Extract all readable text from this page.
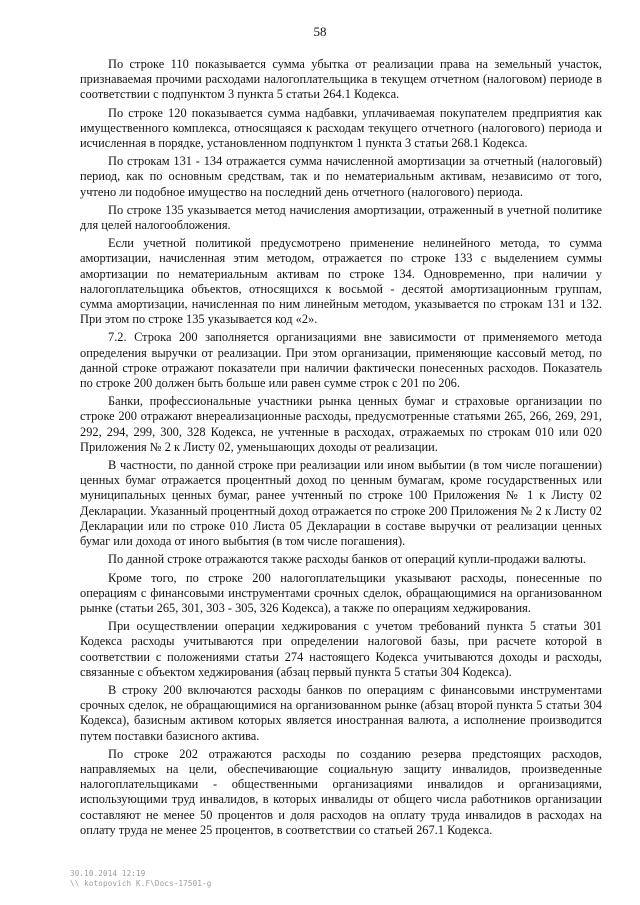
58

По строке 110 показывается сумма убытка от реализации права на земельный участок, признаваемая прочими расходами налогоплательщика в текущем отчетном (налоговом) периоде в соответствии с подпунктом 3 пункта 5 статьи 264.1 Кодекса.

По строке 120 показывается сумма надбавки, уплачиваемая покупателем предприятия как имущественного комплекса, относящаяся к расходам текущего отчетного (налогового) периода и исчисленная в порядке, установленном подпунктом 1 пункта 3 статьи 268.1 Кодекса.

По строкам 131 - 134 отражается сумма начисленной амортизации за отчетный (налоговый) период, как по основным средствам, так и по нематериальным активам, независимо от того, учтено ли подобное имущество на последний день отчетного (налогового) периода.

По строке 135 указывается метод начисления амортизации, отраженный в учетной политике для целей налогообложения.

Если учетной политикой предусмотрено применение нелинейного метода, то сумма амортизации, начисленная этим методом, отражается по строке 133 с выделением суммы амортизации по нематериальным активам по строке 134. Одновременно, при наличии у налогоплательщика объектов, относящихся к восьмой - десятой амортизационным группам, сумма амортизации, начисленная по ним линейным методом, указывается по строкам 131 и 132. При этом по строке 135 указывается код «2».

7.2. Строка 200 заполняется организациями вне зависимости от применяемого метода определения выручки от реализации. При этом организации, применяющие кассовый метод, по данной строке отражают показатели при наличии фактически понесенных расходов. Показатель по строке 200 должен быть больше или равен сумме строк с 201 по 206.

Банки, профессиональные участники рынка ценных бумаг и страховые организации по строке 200 отражают внереализационные расходы, предусмотренные статьями 265, 266, 269, 291, 292, 294, 299, 300, 328 Кодекса, не учтенные в расходах, отражаемых по строкам 010 или 020 Приложения № 2 к Листу 02, уменьшающих доходы от реализации.

В частности, по данной строке при реализации или ином выбытии (в том числе погашении) ценных бумаг отражается процентный доход по ценным бумагам, кроме государственных или муниципальных ценных бумаг, ранее учтенный по строке 100 Приложения № 1 к Листу 02 Декларации. Указанный процентный доход отражается по строке 200 Приложения № 2 к Листу 02 Декларации или по строке 010 Листа 05 Декларации в составе выручки от реализации ценных бумаг или дохода от иного выбытия (в том числе погашения).

По данной строке отражаются также расходы банков от операций купли-продажи валюты.

Кроме того, по строке 200 налогоплательщики указывают расходы, понесенные по операциям с финансовыми инструментами срочных сделок, обращающимися на организованном рынке (статьи 265, 301, 303 - 305, 326 Кодекса), а также по операциям хеджирования.

При осуществлении операции хеджирования с учетом требований пункта 5 статьи 301 Кодекса расходы учитываются при определении налоговой базы, при расчете которой в соответствии с положениями статьи 274 настоящего Кодекса учитываются доходы и расходы, связанные с объектом хеджирования (абзац первый пункта 5 статьи 304 Кодекса).

В строку 200 включаются расходы банков по операциям с финансовыми инструментами срочных сделок, не обращающимися на организованном рынке (абзац второй пункта 5 статьи 304 Кодекса), базисным активом которых является иностранная валюта, а исполнение производится путем поставки базисного актива.

По строке 202 отражаются расходы по созданию резерва предстоящих расходов, направляемых на цели, обеспечивающие социальную защиту инвалидов, произведенные налогоплательщиками - общественными организациями инвалидов и организациями, использующими труд инвалидов, в которых инвалиды от общего числа работников организации составляют не менее 50 процентов и доля расходов на оплату труда инвалидов в расходах на оплату труда не менее 25 процентов, в соответствии со статьей 267.1 Кодекса.

30.10.2014 12:19
\\ kotopovich K.F\Docs-17501-g
